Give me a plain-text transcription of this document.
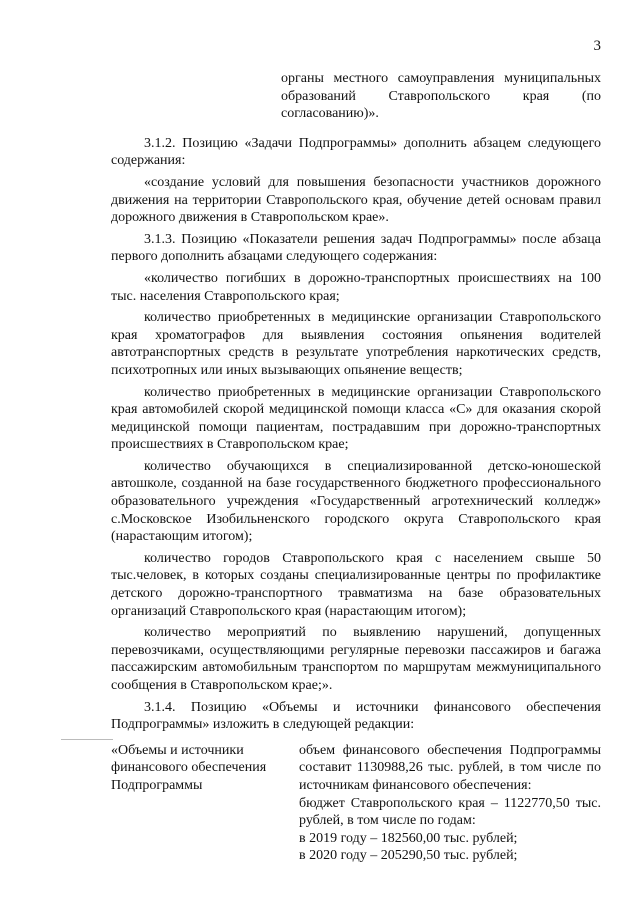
3
органы местного самоуправления муниципальных образований Ставропольского края (по согласованию)».

3.1.2. Позицию «Задачи Подпрограммы» дополнить абзацем следующего содержания:

«создание условий для повышения безопасности участников дорожного движения на территории Ставропольского края, обучение детей основам правил дорожного движения в Ставропольском крае».

3.1.3. Позицию «Показатели решения задач Подпрограммы» после абзаца первого дополнить абзацами следующего содержания:

«количество погибших в дорожно-транспортных происшествиях на 100 тыс. населения Ставропольского края;

количество приобретенных в медицинские организации Ставропольского края хроматографов для выявления состояния опьянения водителей автотранспортных средств в результате употребления наркотических средств, психотропных или иных вызывающих опьянение веществ;

количество приобретенных в медицинские организации Ставропольского края автомобилей скорой медицинской помощи класса «С» для оказания скорой медицинской помощи пациентам, пострадавшим при дорожно-транспортных происшествиях в Ставропольском крае;

количество обучающихся в специализированной детско-юношеской автошколе, созданной на базе государственного бюджетного профессионального образовательного учреждения «Государственный агротехнический колледж» с.Московское Изобильненского городского округа Ставропольского края (нарастающим итогом);

количество городов Ставропольского края с населением свыше 50 тыс.человек, в которых созданы специализированные центры по профилактике детского дорожно-транспортного травматизма на базе образовательных организаций Ставропольского края (нарастающим итогом);

количество мероприятий по выявлению нарушений, допущенных перевозчиками, осуществляющими регулярные перевозки пассажиров и багажа пассажирским автомобильным транспортом по маршрутам межмуниципального сообщения в Ставропольском крае;».

3.1.4. Позицию «Объемы и источники финансового обеспечения Подпрограммы» изложить в следующей редакции:

«Объемы и источники финансового обеспечения Подпрограммы

объем финансового обеспечения Подпрограммы составит 1130988,26 тыс. рублей, в том числе по источникам финансового обеспечения:

бюджет Ставропольского края – 1122770,50 тыс. рублей, в том числе по годам:

в 2019 году – 182560,00 тыс. рублей;

в 2020 году – 205290,50 тыс. рублей;
